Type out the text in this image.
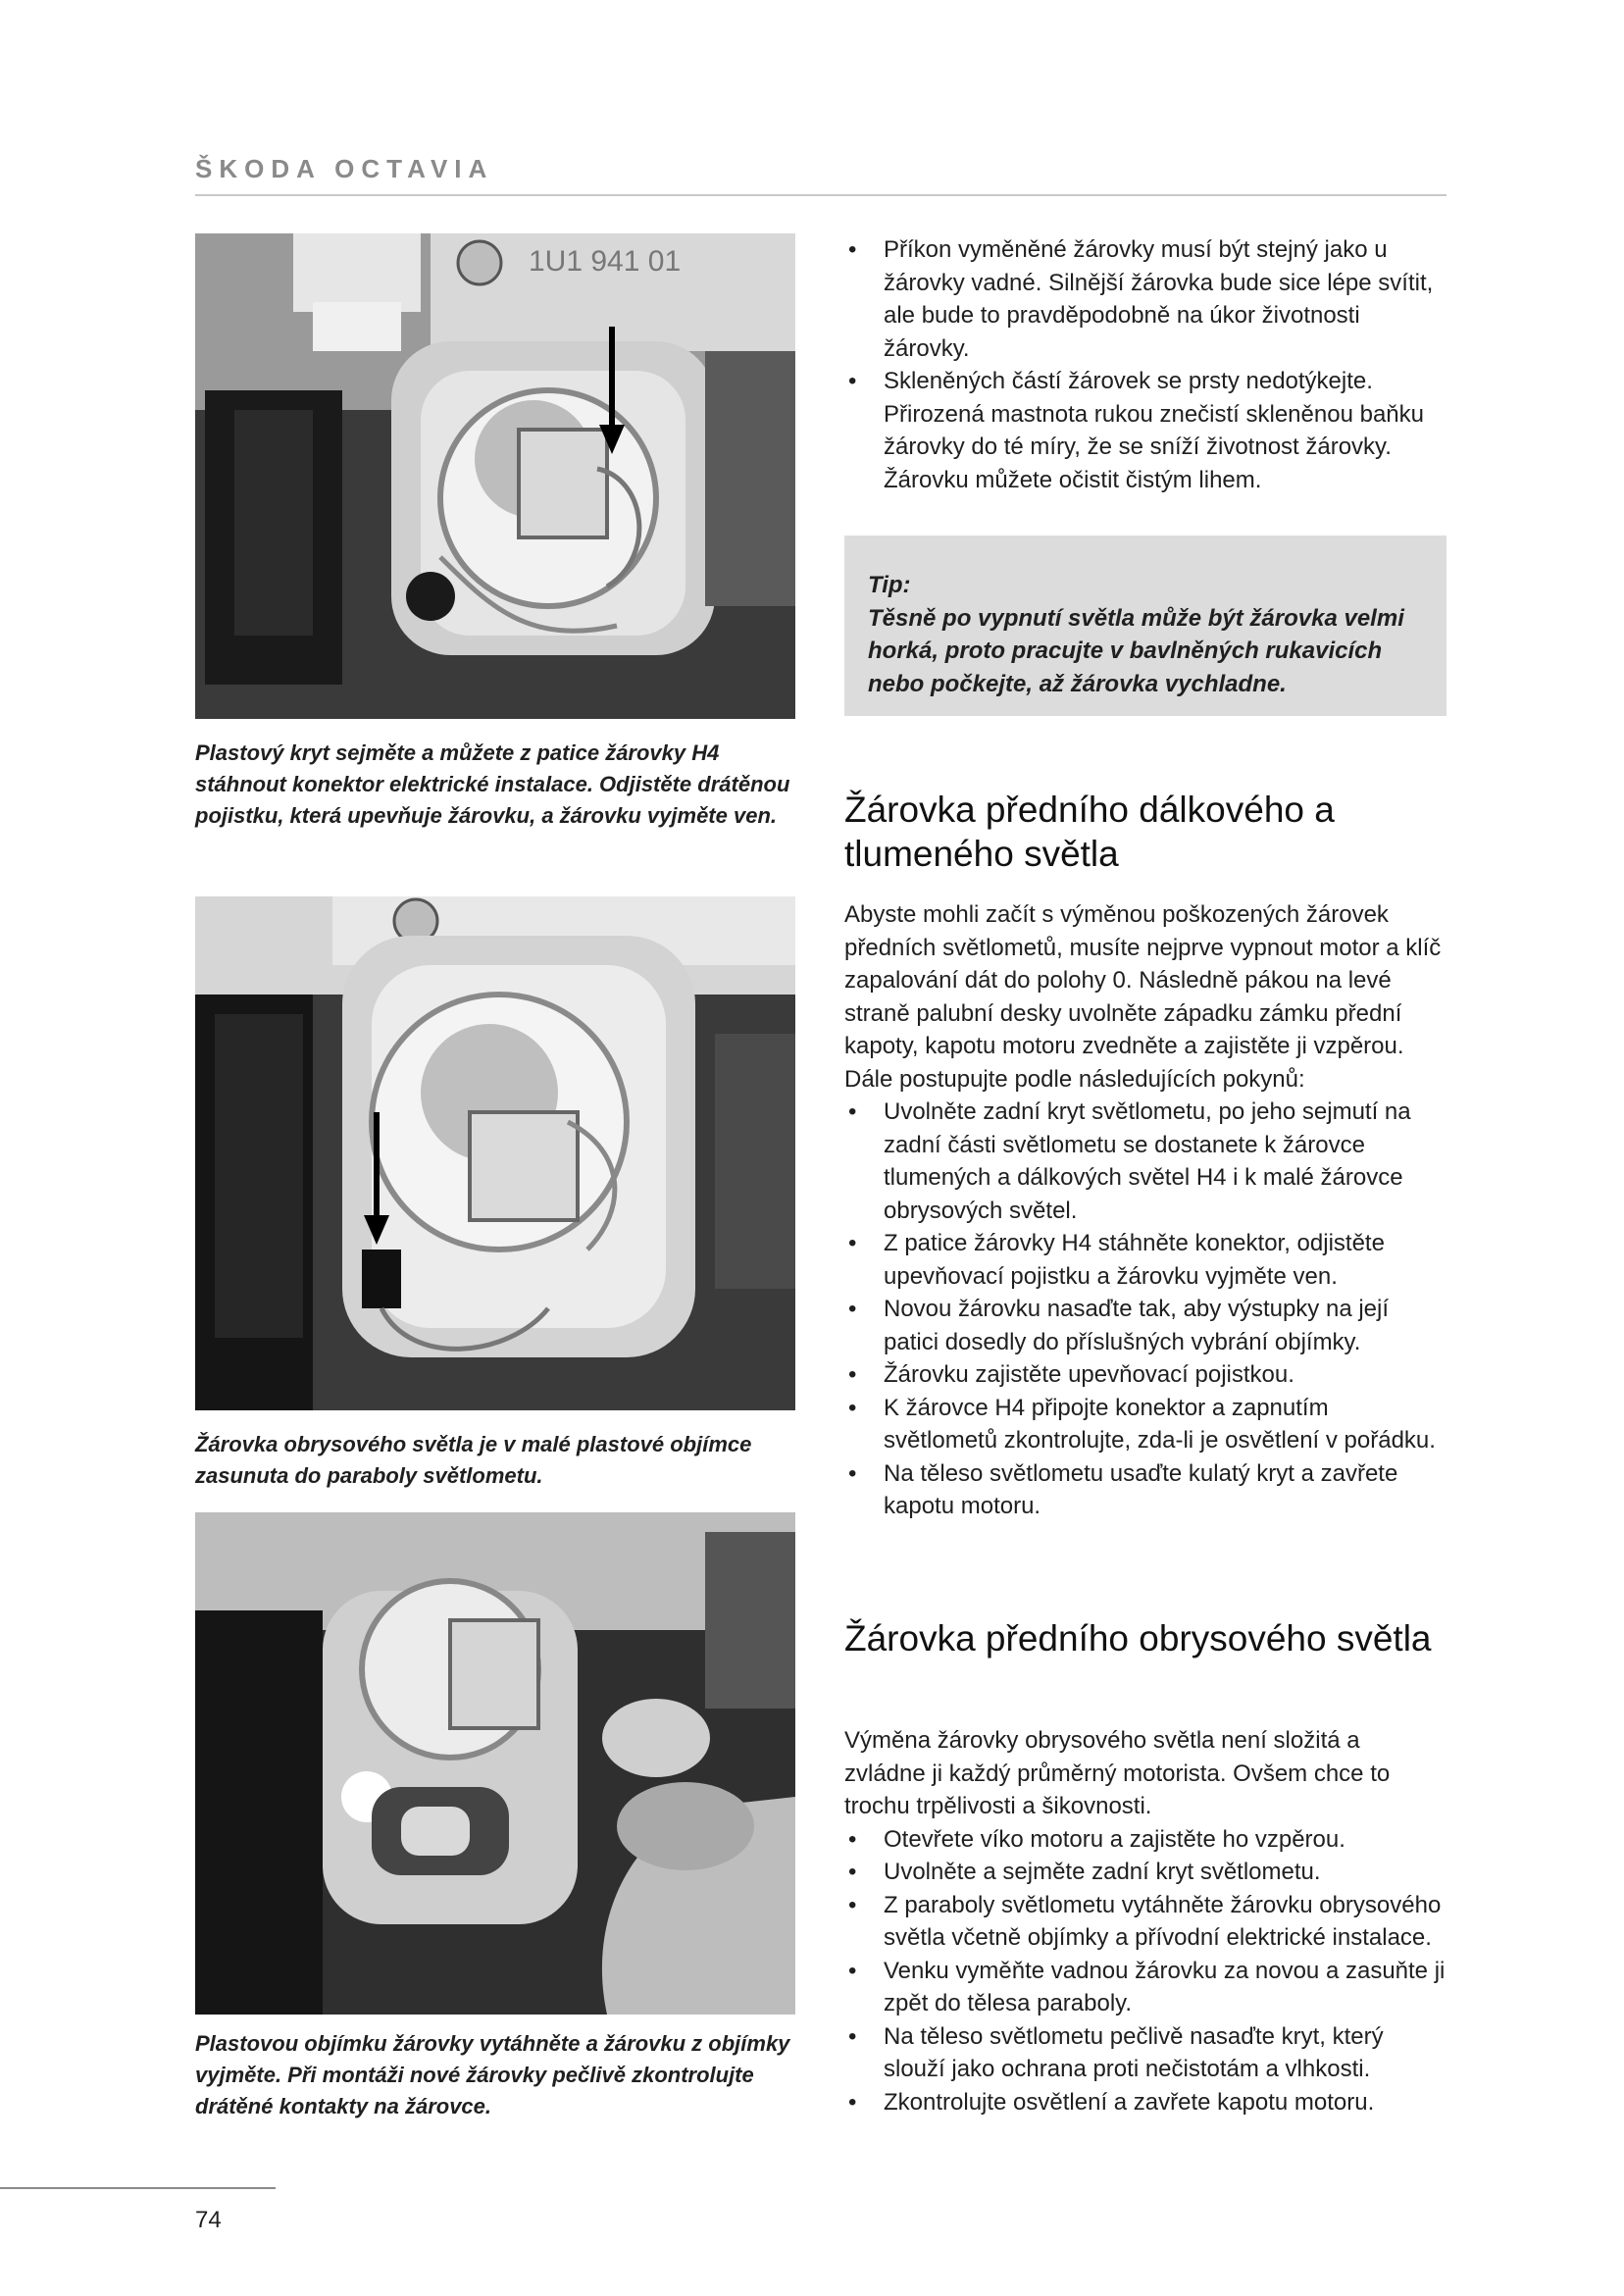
ŠKODA OCTAVIA
1U1 941 01
Plastový kryt sejměte a můžete z patice žárovky H4 stáhnout konektor elektrické instalace. Odjistěte drátěnou pojistku, která upevňuje žárovku, a žárovku vyjměte ven.
Žárovka obrysového světla je v malé plastové objímce zasunuta do paraboly světlometu.
Plastovou objímku žárovky vytáhněte a žárovku z objímky vyjměte. Při montáži nové žárovky pečlivě zkontrolujte drátěné kontakty na žárovce.
• Příkon vyměněné žárovky musí být stejný jako u žárovky vadné. Silnější žárovka bude sice lépe svítit, ale bude to pravděpodobně na úkor životnosti žárovky.
• Skleněných částí žárovek se prsty nedotýkejte. Přirozená mastnota rukou znečistí skleněnou baňku žárovky do té míry, že se sníží životnost žárovky. Žárovku můžete očistit čistým lihem.
Tip:
Těsně po vypnutí světla může být žárovka velmi horká, proto pracujte v bavlněných rukavicích nebo počkejte, až žárovka vychladne.
Žárovka předního dálkového a tlumeného světla

Abyste mohli začít s výměnou poškozených žárovek předních světlometů, musíte nejprve vypnout motor a klíč zapalování dát do polohy 0. Následně pákou na levé straně palubní desky uvolněte západku zámku přední kapoty, kapotu motoru zvedněte a zajistěte ji vzpěrou. Dále postupujte podle následujících pokynů:

• Uvolněte zadní kryt světlometu, po jeho sejmutí na zadní části světlometu se dostanete k žárovce tlumených a dálkových světel H4 i k malé žárovce obrysových světel.
• Z patice žárovky H4 stáhněte konektor, odjistěte upevňovací pojistku a žárovku vyjměte ven.
• Novou žárovku nasaďte tak, aby výstupky na její patici dosedly do příslušných vybrání objímky.
• Žárovku zajistěte upevňovací pojistkou.
• K žárovce H4 připojte konektor a zapnutím světlometů zkontrolujte, zda-li je osvětlení v pořádku.
• Na těleso světlometu usaďte kulatý kryt a zavřete kapotu motoru.
Žárovka předního obrysového světla

Výměna žárovky obrysového světla není složitá a zvládne ji každý průměrný motorista. Ovšem chce to trochu trpělivosti a šikovnosti.

• Otevřete víko motoru a zajistěte ho vzpěrou.
• Uvolněte a sejměte zadní kryt světlometu.
• Z paraboly světlometu vytáhněte žárovku obrysového světla včetně objímky a přívodní elektrické instalace.
• Venku vyměňte vadnou žárovku za novou a zasuňte ji zpět do tělesa paraboly.
• Na těleso světlometu pečlivě nasaďte kryt, který slouží jako ochrana proti nečistotám a vlhkosti.
• Zkontrolujte osvětlení a zavřete kapotu motoru.
74
